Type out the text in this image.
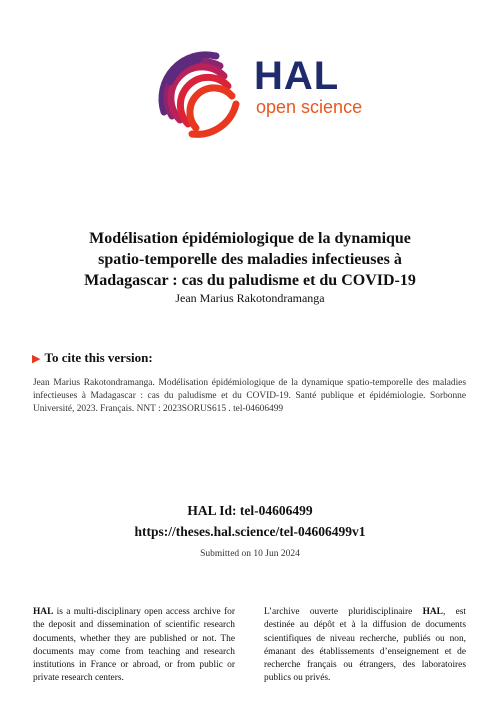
HAL
open science
Modélisation épidémiologique de la dynamique
spatio-temporelle des maladies infectieuses à
Madagascar : cas du paludisme et du COVID-19
Jean Marius Rakotondramanga
▶ To cite this version:
Jean Marius Rakotondramanga. Modélisation épidémiologique de la dynamique spatio-temporelle des maladies infectieuses à Madagascar : cas du paludisme et du COVID-19. Santé publique et épidémiologie. Sorbonne Université, 2023. Français. NNT : 2023SORUS615 . tel-04606499
HAL Id: tel-04606499
https://theses.hal.science/tel-04606499v1
Submitted on 10 Jun 2024
HAL is a multi-disciplinary open access archive for the deposit and dissemination of scientific research documents, whether they are published or not. The documents may come from teaching and research institutions in France or abroad, or from public or private research centers.
L’archive ouverte pluridisciplinaire HAL, est destinée au dépôt et à la diffusion de documents scientifiques de niveau recherche, publiés ou non, émanant des établissements d’enseignement et de recherche français ou étrangers, des laboratoires publics ou privés.
